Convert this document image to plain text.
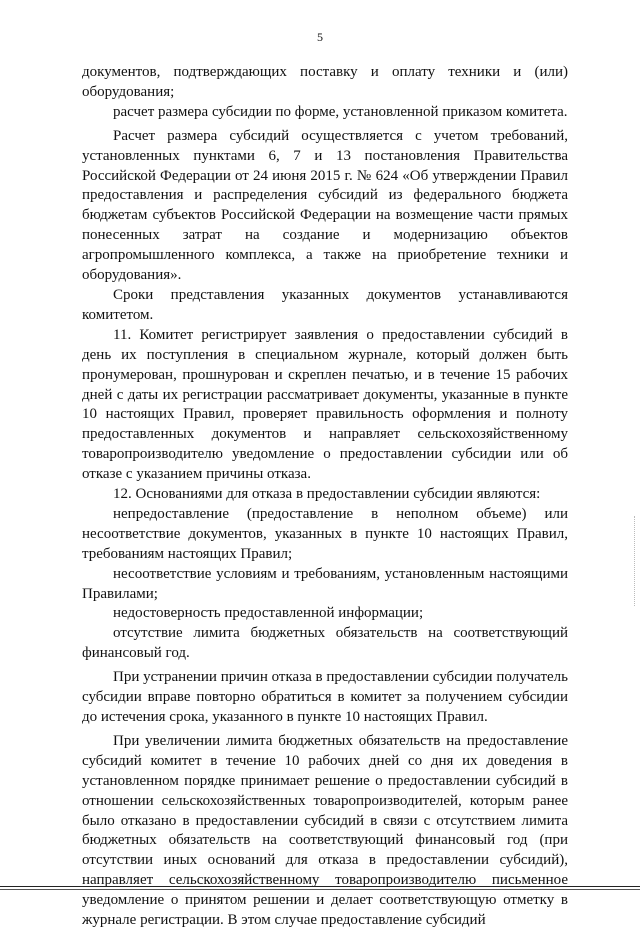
5

документов, подтверждающих поставку и оплату техники и (или) оборудования;

расчет размера субсидии по форме, установленной приказом комитета.

Расчет размера субсидий осуществляется с учетом требований, установленных пунктами 6, 7 и 13 постановления Правительства Российской Федерации от 24 июня 2015 г. № 624 «Об утверждении Правил предоставления и распределения субсидий из федерального бюджета бюджетам субъектов Российской Федерации на возмещение части прямых понесенных затрат на создание и модернизацию объектов агропромышленного комплекса, а также на приобретение техники и оборудования».

Сроки представления указанных документов устанавливаются комитетом.

11. Комитет регистрирует заявления о предоставлении субсидий в день их поступления в специальном журнале, который должен быть пронумерован, прошнурован и скреплен печатью, и в течение 15 рабочих дней с даты их регистрации рассматривает документы, указанные в пункте 10 настоящих Правил, проверяет правильность оформления и полноту предоставленных документов и направляет сельскохозяйственному товаропроизводителю уведомление о предоставлении субсидии или об отказе с указанием причины отказа.

12. Основаниями для отказа в предоставлении субсидии являются:

непредоставление (предоставление в неполном объеме) или несоответствие документов, указанных в пункте 10 настоящих Правил, требованиям настоящих Правил;

несоответствие условиям и требованиям, установленным настоящими Правилами;

недостоверность предоставленной информации;

отсутствие лимита бюджетных обязательств на соответствующий финансовый год.

При устранении причин отказа в предоставлении субсидии получатель субсидии вправе повторно обратиться в комитет за получением субсидии до истечения срока, указанного в пункте 10 настоящих Правил.

При увеличении лимита бюджетных обязательств на предоставление субсидий комитет в течение 10 рабочих дней со дня их доведения в установленном порядке принимает решение о предоставлении субсидий в отношении сельскохозяйственных товаропроизводителей, которым ранее было отказано в предоставлении субсидий в связи с отсутствием лимита бюджетных обязательств на соответствующий финансовый год (при отсутствии иных оснований для отказа в предоставлении субсидий), направляет сельскохозяйственному товаропроизводителю письменное уведомление о принятом решении и делает соответствующую отметку в журнале регистрации. В этом случае предоставление субсидий
